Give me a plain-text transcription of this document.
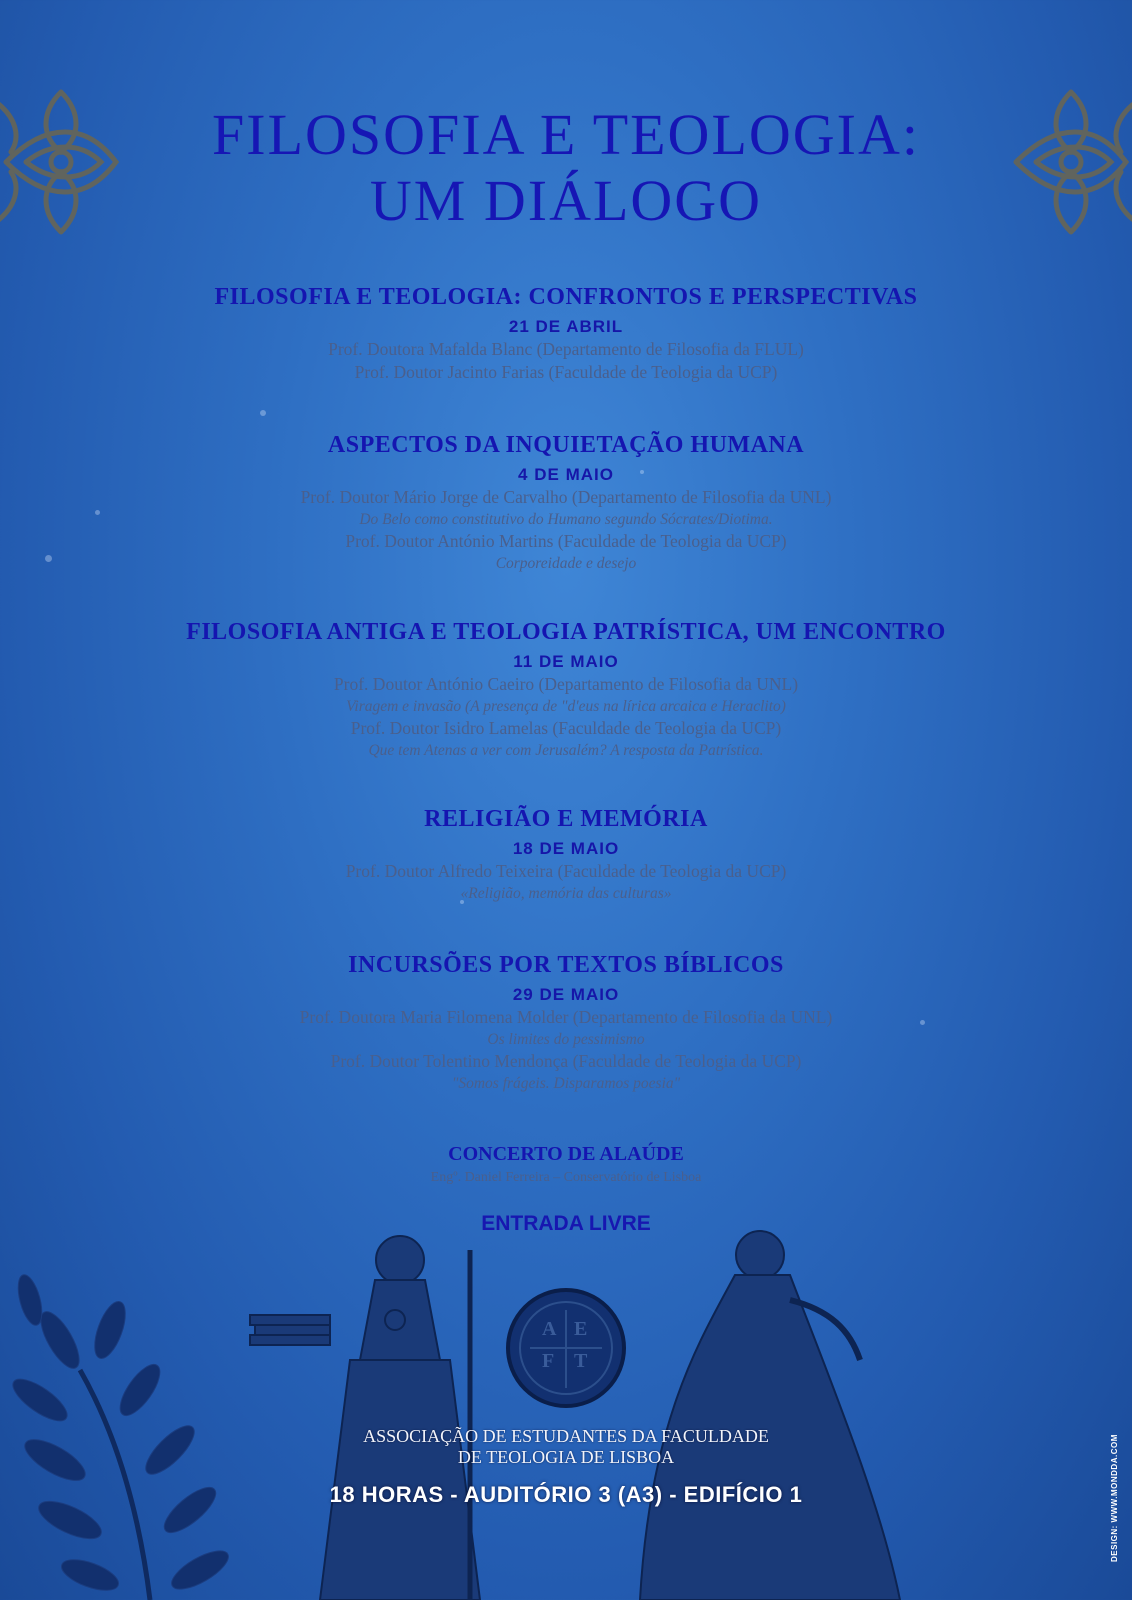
FILOSOFIA E TEOLOGIA:
UM DIÁLOGO
FILOSOFIA E TEOLOGIA: CONFRONTOS E PERSPECTIVAS
21 DE ABRIL
Prof. Doutora Mafalda Blanc (Departamento de Filosofia da FLUL)
Prof. Doutor Jacinto Farias (Faculdade de Teologia da UCP)
ASPECTOS DA INQUIETAÇÃO HUMANA
4 DE MAIO
Prof. Doutor Mário Jorge de Carvalho (Departamento de Filosofia da UNL)
Do Belo como constitutivo do Humano segundo Sócrates/Diotima.
Prof. Doutor António Martins (Faculdade de Teologia da UCP)
Corporeidade e desejo
FILOSOFIA ANTIGA E TEOLOGIA PATRÍSTICA, UM ENCONTRO
11 DE MAIO
Prof. Doutor António Caeiro (Departamento de Filosofia da UNL)
Viragem e invasão (A presença de "d'eus na lírica arcaica e Heraclito)
Prof. Doutor Isidro Lamelas (Faculdade de Teologia da UCP)
Que tem Atenas a ver com Jerusalém? A resposta da Patrística.
RELIGIÃO E MEMÓRIA
18 DE MAIO
Prof. Doutor Alfredo Teixeira (Faculdade de Teologia da UCP)
«Religião, memória das culturas»
INCURSÕES POR TEXTOS BÍBLICOS
29 DE MAIO
Prof. Doutora Maria Filomena Molder (Departamento de Filosofia da UNL)
Os limites do pessimismo
Prof. Doutor Tolentino Mendonça (Faculdade de Teologia da UCP)
"Somos frágeis. Disparamos poesia"
CONCERTO DE ALAÚDE
Engº. Daniel Ferreira – Conservatório de Lisboa
ENTRADA LIVRE
A E
F T
ASSOCIAÇÃO DE ESTUDANTES DA FACULDADE
DE TEOLOGIA DE LISBOA
18 HORAS - AUDITÓRIO 3 (A3) - EDIFÍCIO 1	DESIGN: WWW.MONDDA.COM
